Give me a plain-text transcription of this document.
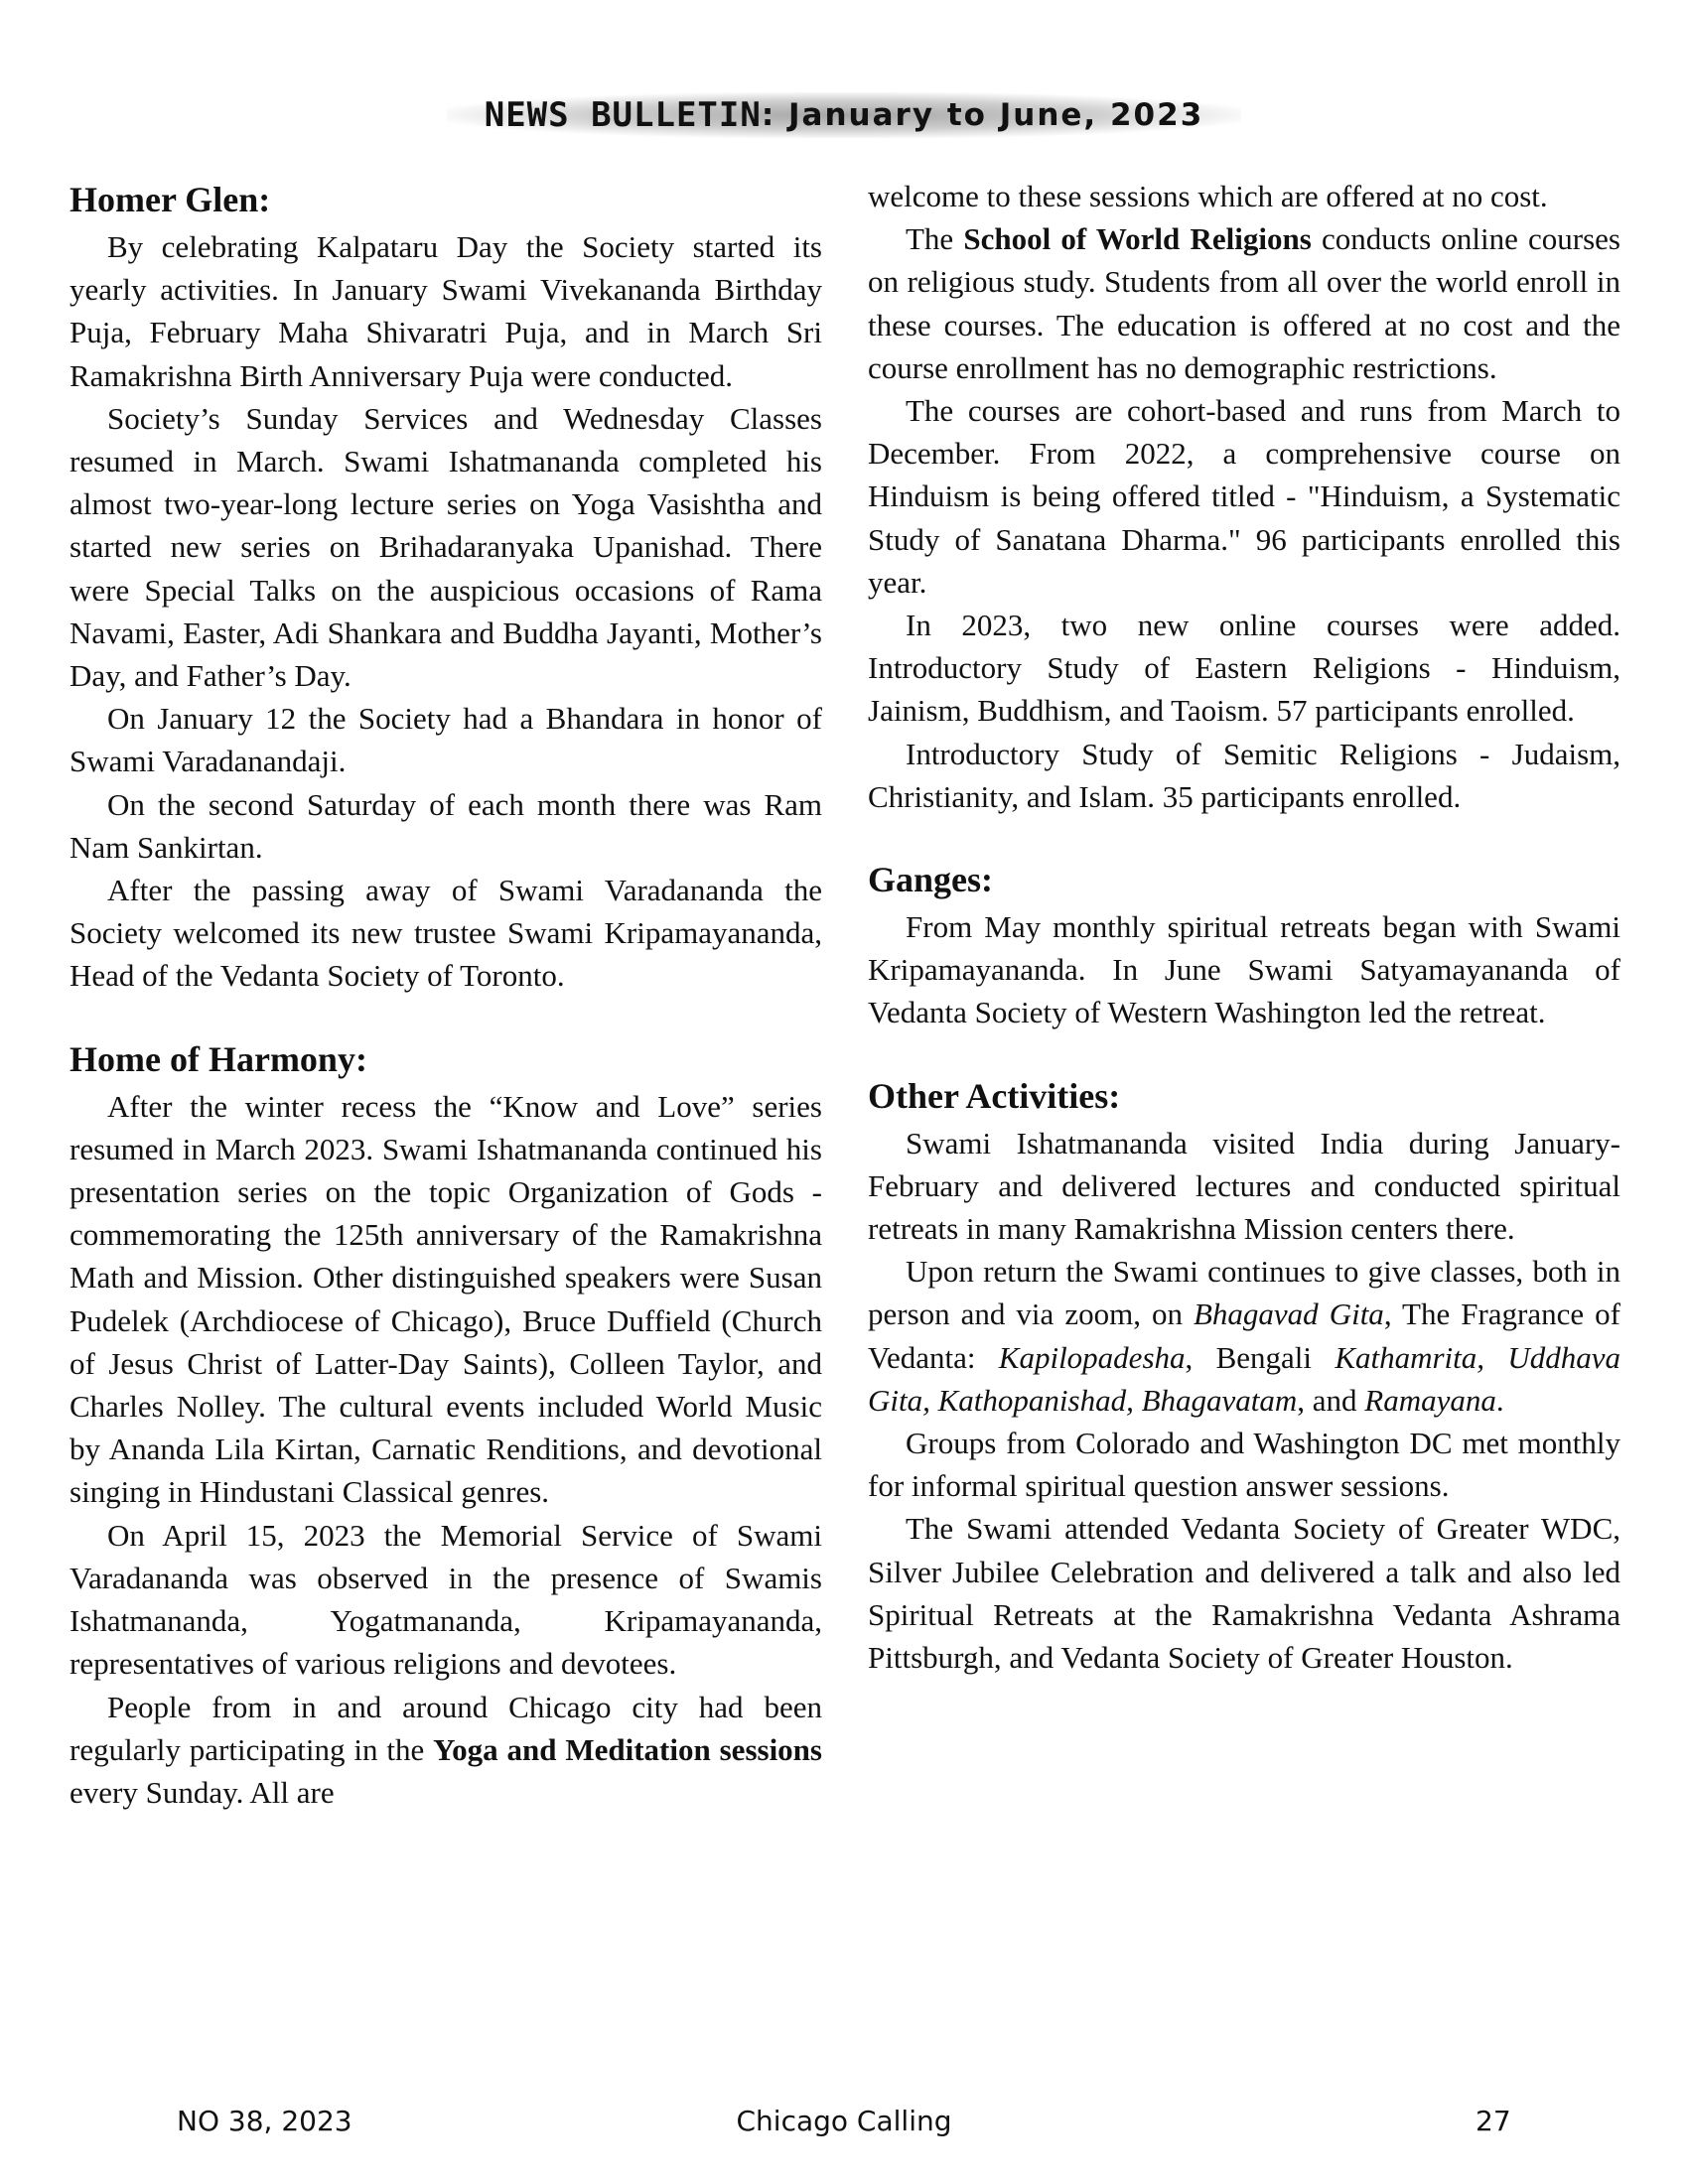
NEWS BULLETIN : January to June, 2023
Homer Glen:

By celebrating Kalpataru Day the Society started its yearly activities. In January Swami Vivekananda Birthday Puja, February Maha Shivaratri Puja, and in March Sri Ramakrishna Birth Anniversary Puja were conducted.

Society’s Sunday Services and Wednesday Classes resumed in March. Swami Ishatmananda completed his almost two-year-long lecture series on Yoga Vasishtha and started new series on Brihadaranyaka Upanishad. There were Special Talks on the auspicious occasions of Rama Navami, Easter, Adi Shankara and Buddha Jayanti, Mother’s Day, and Father’s Day.

On January 12 the Society had a Bhandara in honor of Swami Varadanandaji.

On the second Saturday of each month there was Ram Nam Sankirtan.

After the passing away of Swami Varadananda the Society welcomed its new trustee Swami Kripamayananda, Head of the Vedanta Society of Toronto.

Home of Harmony:

After the winter recess the “Know and Love” series resumed in March 2023. Swami Ishatmananda continued his presentation series on the topic Organization of Gods - commemorating the 125th anniversary of the Ramakrishna Math and Mission. Other distinguished speakers were Susan Pudelek (Archdiocese of Chicago), Bruce Duffield (Church of Jesus Christ of Latter-Day Saints), Colleen Taylor, and Charles Nolley. The cultural events included World Music by Ananda Lila Kirtan, Carnatic Renditions, and devotional singing in Hindustani Classical genres.

On April 15, 2023 the Memorial Service of Swami Varadananda was observed in the presence of Swamis Ishatmananda, Yogatmananda, Kripamayananda, representatives of various religions and devotees.

People from in and around Chicago city had been regularly participating in the Yoga and Meditation sessions every Sunday. All are

welcome to these sessions which are offered at no cost.

The School of World Religions conducts online courses on religious study. Students from all over the world enroll in these courses. The education is offered at no cost and the course enrollment has no demographic restrictions.

The courses are cohort-based and runs from March to December. From 2022, a comprehensive course on Hinduism is being offered titled - "Hinduism, a Systematic Study of Sanatana Dharma." 96 participants enrolled this year.

In 2023, two new online courses were added. Introductory Study of Eastern Religions - Hinduism, Jainism, Buddhism, and Taoism. 57 participants enrolled.

Introductory Study of Semitic Religions - Judaism, Christianity, and Islam. 35 participants enrolled.

Ganges:

From May monthly spiritual retreats began with Swami Kripamayananda. In June Swami Satyamayananda of Vedanta Society of Western Washington led the retreat.

Other Activities:

Swami Ishatmananda visited India during January-February and delivered lectures and conducted spiritual retreats in many Ramakrishna Mission centers there.

Upon return the Swami continues to give classes, both in person and via zoom, on Bhagavad Gita, The Fragrance of Vedanta: Kapilopadesha, Bengali Kathamrita, Uddhava Gita, Kathopanishad, Bhagavatam, and Ramayana.

Groups from Colorado and Washington DC met monthly for informal spiritual question answer sessions.

The Swami attended Vedanta Society of Greater WDC, Silver Jubilee Celebration and delivered a talk and also led Spiritual Retreats at the Ramakrishna Vedanta Ashrama Pittsburgh, and Vedanta Society of Greater Houston.

NO 38, 2023	Chicago Calling	27
